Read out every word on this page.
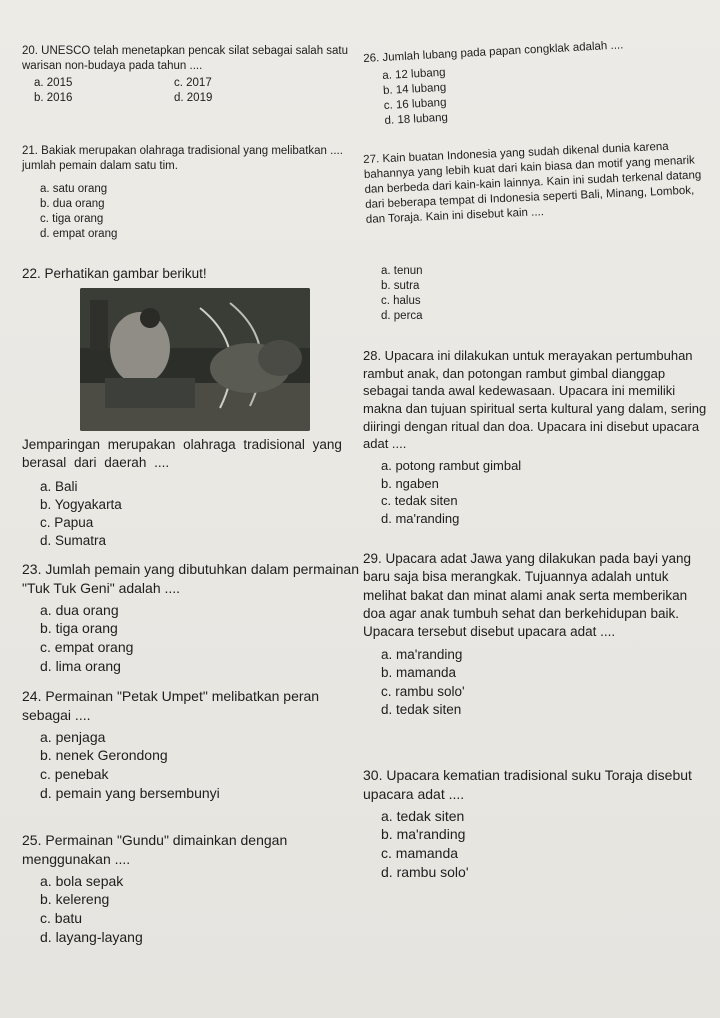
20. UNESCO telah menetapkan pencak silat sebagai salah satu warisan non-budaya pada tahun ....
a. 2015	c. 2017
b. 2016	d. 2019
21. Bakiak merupakan olahraga tradisional yang melibatkan .... jumlah pemain dalam satu tim.
a. satu orang
b. dua orang
c. tiga orang
d. empat orang
22. Perhatikan gambar berikut!
Jemparingan merupakan olahraga tradisional yang berasal dari daerah ....
a. Bali
b. Yogyakarta
c. Papua
d. Sumatra
23. Jumlah pemain yang dibutuhkan dalam permainan "Tuk Tuk Geni" adalah ....
a. dua orang
b. tiga orang
c. empat orang
d. lima orang
24. Permainan "Petak Umpet" melibatkan peran sebagai ....
a. penjaga
b. nenek Gerondong
c. penebak
d. pemain yang bersembunyi
25. Permainan "Gundu" dimainkan dengan menggunakan ....
a. bola sepak
b. kelereng
c. batu
d. layang-layang
26. Jumlah lubang pada papan congklak adalah ....
a. 12 lubang
b. 14 lubang
c. 16 lubang
d. 18 lubang
27. Kain buatan Indonesia yang sudah dikenal dunia karena bahannya yang lebih kuat dari kain biasa dan motif yang menarik dan berbeda dari kain-kain lainnya. Kain ini sudah terkenal datang dari beberapa tempat di Indonesia seperti Bali, Minang, Lombok, dan Toraja. Kain ini disebut kain ....
a. tenun
b. sutra
c. halus
d. perca
28. Upacara ini dilakukan untuk merayakan pertumbuhan rambut anak, dan potongan rambut gimbal dianggap sebagai tanda awal kedewasaan. Upacara ini memiliki makna dan tujuan spiritual serta kultural yang dalam, sering diiringi dengan ritual dan doa. Upacara ini disebut upacara adat ....
a. potong rambut gimbal
b. ngaben
c. tedak siten
d. ma'randing
29. Upacara adat Jawa yang dilakukan pada bayi yang baru saja bisa merangkak. Tujuannya adalah untuk melihat bakat dan minat alami anak serta memberikan doa agar anak tumbuh sehat dan berkehidupan baik. Upacara tersebut disebut upacara adat ....
a. ma'randing
b. mamanda
c. rambu solo'
d. tedak siten
30. Upacara kematian tradisional suku Toraja disebut upacara adat ....
a. tedak siten
b. ma'randing
c. mamanda
d. rambu solo'
